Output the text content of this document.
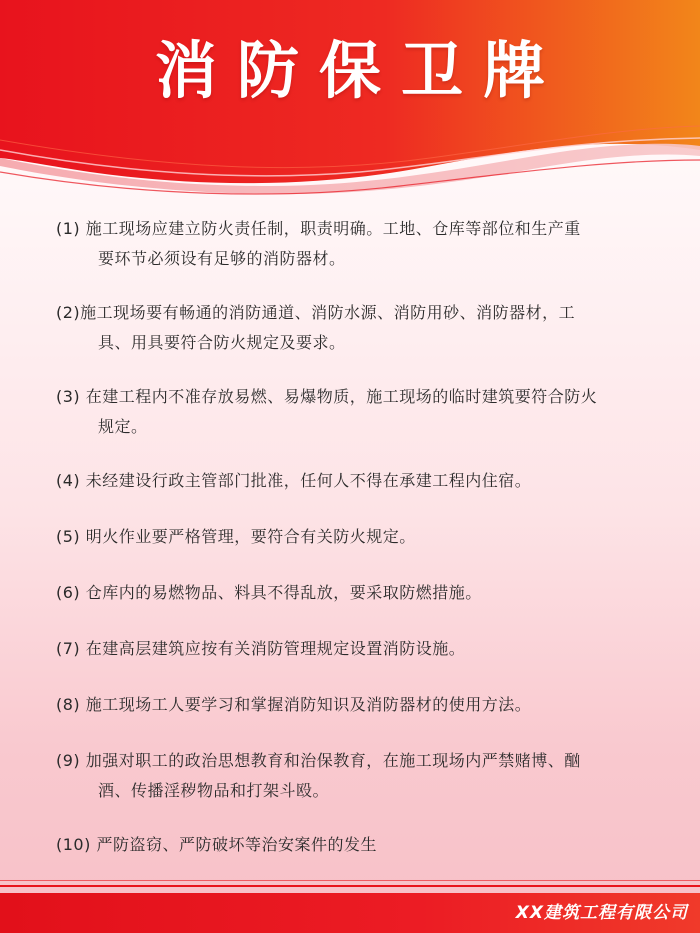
消防保卫牌
(1) 施工现场应建立防火责任制，职责明确。工地、仓库等部位和生产重
要环节必须设有足够的消防器材。
(2)施工现场要有畅通的消防通道、消防水源、消防用砂、消防器材，工
具、用具要符合防火规定及要求。
(3) 在建工程内不准存放易燃、易爆物质，施工现场的临时建筑要符合防火
规定。
(4) 未经建设行政主管部门批准，任何人不得在承建工程内住宿。
(5) 明火作业要严格管理，要符合有关防火规定。
(6) 仓库内的易燃物品、料具不得乱放，要采取防燃措施。
(7) 在建高层建筑应按有关消防管理规定设置消防设施。
(8) 施工现场工人要学习和掌握消防知识及消防器材的使用方法。
(9) 加强对职工的政治思想教育和治保教育，在施工现场内严禁赌博、酗
酒、传播淫秽物品和打架斗殴。
(10) 严防盗窃、严防破坏等治安案件的发生
XX建筑工程有限公司
